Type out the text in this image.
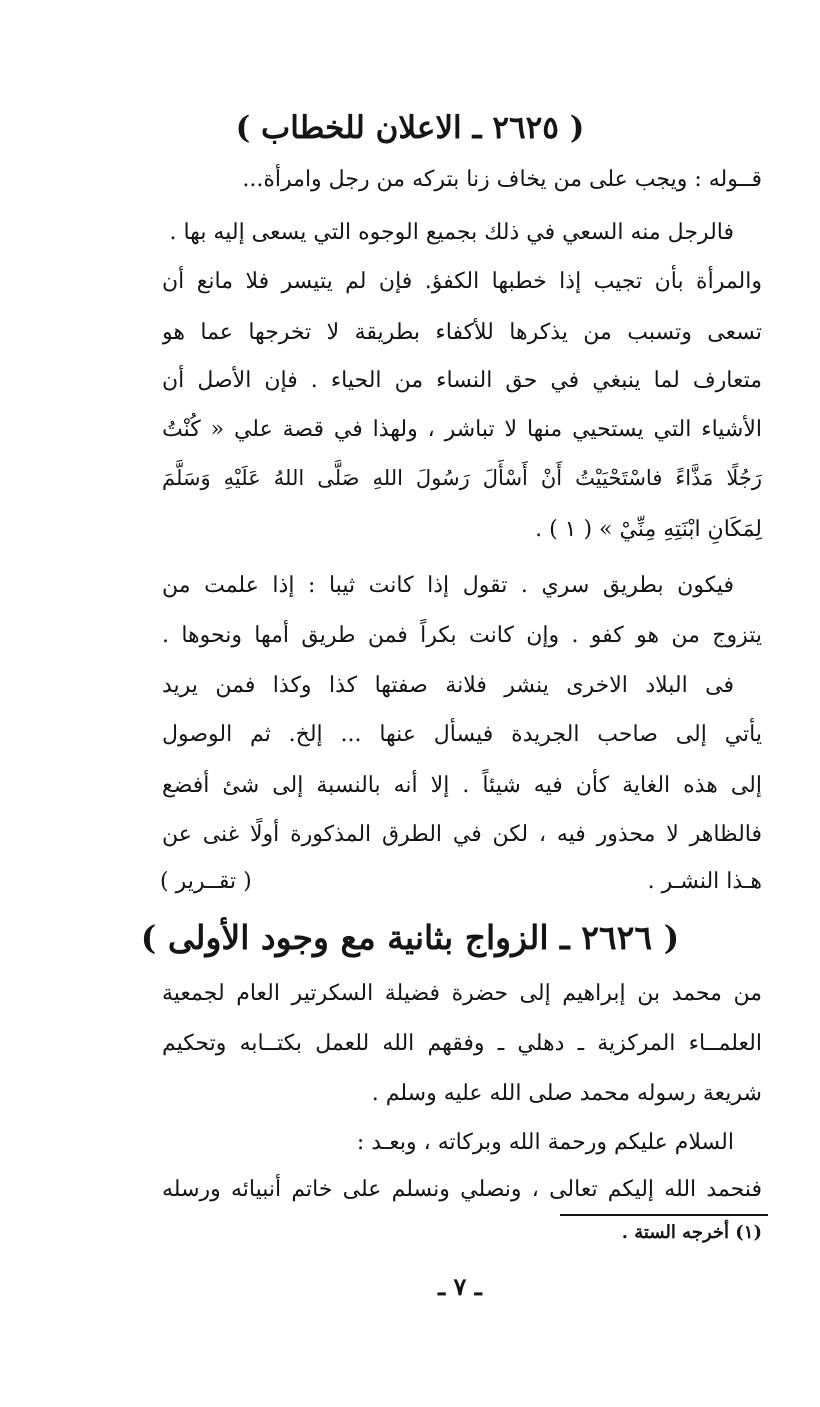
( ٢٦٢٥ ـ الاعلان للخطاب )
قــوله : ويجب على من يخاف زنا بتركه من رجل وامرأة...
فالرجل منه السعي في ذلك بجميع الوجوه التي يسعى إليه بها .
والمرأة بأن تجيب إذا خطبها الكفؤ. فإن لم يتيسر فلا مانع أن
تسعى وتسبب من يذكرها للأكفاء بطريقة لا تخرجها عما هو
متعارف لما ينبغي في حق النساء من الحياء . فإن الأصل أن
الأشياء التي يستحيي منها لا تباشر ، ولهذا في قصة علي « كُنْتُ
رَجُلًا مَذَّاءً فاسْتَحْيَيْتُ أَنْ أَسْأَلَ رَسُولَ اللهِ صَلَّى اللهُ عَلَيْهِ وَسَلَّمَ
لِمَكَانِ ابْنَتِهِ مِنِّيْ » ( ١ ) .
فيكون بطريق سري . تقول إذا كانت ثيبا : إذا علمت من
يتزوج من هو كفو . وإن كانت بكراً فمن طريق أمها ونحوها .
فى البلاد الاخرى ينشر فلانة صفتها كذا وكذا فمن يريد
يأتي إلى صاحب الجريدة فيسأل عنها ... إلخ. ثم الوصول
إلى هذه الغاية كأن فيه شيئاً . إلا أنه بالنسبة إلى شئ أفضع
فالظاهر لا محذور فيه ، لكن في الطرق المذكورة أولًا غنى عن
هـذا النشـر .
( تقــرير )
( ٢٦٢٦ ـ الزواج بثانية مع وجود الأولى )
من محمد بن إبراهيم إلى حضرة فضيلة السكرتير العام لجمعية
العلمــاء المركزية ـ دهلي ـ وفقهم الله للعمل بكتــابه وتحكيم
شريعة رسوله محمد صلى الله عليه وسلم .
السلام عليكم ورحمة الله وبركاته ، وبعـد :
فنحمد الله إليكم تعالى ، ونصلي ونسلم على خاتم أنبيائه ورسله
(١) أخرجه الستة .
ـ ٧ ـ
